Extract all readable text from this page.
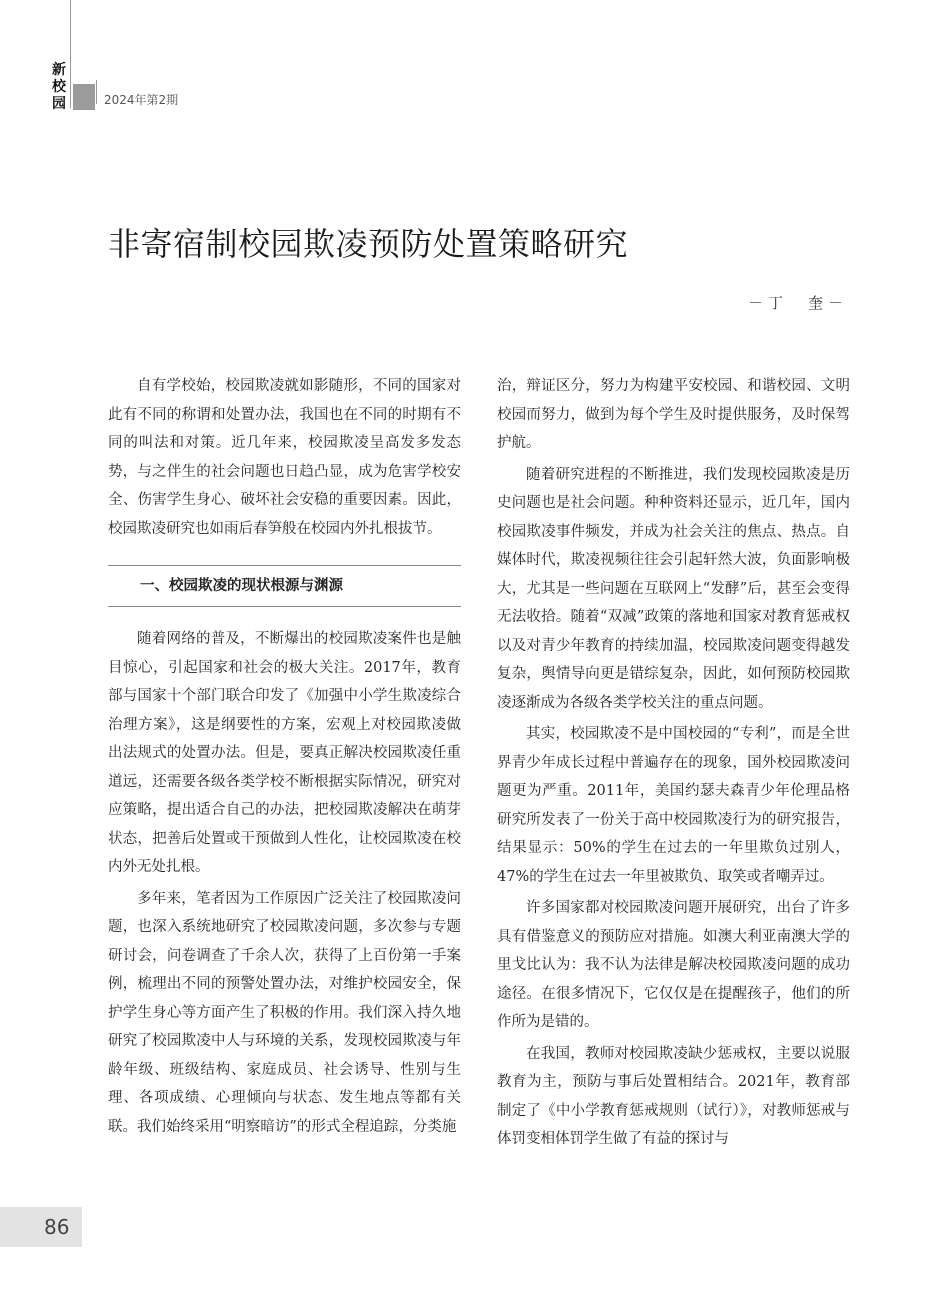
新
校
园	2024年第2期
非寄宿制校园欺凌预防处置策略研究
－丁　奎－

自有学校始，校园欺凌就如影随形，不同的国家对此有不同的称谓和处置办法，我国也在不同的时期有不同的叫法和对策。近几年来，校园欺凌呈高发多发态势，与之伴生的社会问题也日趋凸显，成为危害学校安全、伤害学生身心、破坏社会安稳的重要因素。因此，校园欺凌研究也如雨后春笋般在校园内外扎根拔节。

一、校园欺凌的现状根源与渊源

随着网络的普及，不断爆出的校园欺凌案件也是触目惊心，引起国家和社会的极大关注。2017年，教育部与国家十个部门联合印发了《加强中小学生欺凌综合治理方案》，这是纲要性的方案，宏观上对校园欺凌做出法规式的处置办法。但是，要真正解决校园欺凌任重道远，还需要各级各类学校不断根据实际情况，研究对应策略，提出适合自己的办法，把校园欺凌解决在萌芽状态，把善后处置或干预做到人性化，让校园欺凌在校内外无处扎根。

多年来，笔者因为工作原因广泛关注了校园欺凌问题，也深入系统地研究了校园欺凌问题，多次参与专题研讨会，问卷调查了千余人次，获得了上百份第一手案例，梳理出不同的预警处置办法，对维护校园安全，保护学生身心等方面产生了积极的作用。我们深入持久地研究了校园欺凌中人与环境的关系，发现校园欺凌与年龄年级、班级结构、家庭成员、社会诱导、性别与生理、各项成绩、心理倾向与状态、发生地点等都有关联。我们始终采用“明察暗访”的形式全程追踪，分类施

治，辩证区分，努力为构建平安校园、和谐校园、文明校园而努力，做到为每个学生及时提供服务，及时保驾护航。

随着研究进程的不断推进，我们发现校园欺凌是历史问题也是社会问题。种种资料还显示，近几年，国内校园欺凌事件频发，并成为社会关注的焦点、热点。自媒体时代，欺凌视频往往会引起轩然大波，负面影响极大，尤其是一些问题在互联网上“发酵”后，甚至会变得无法收拾。随着“双减”政策的落地和国家对教育惩戒权以及对青少年教育的持续加温，校园欺凌问题变得越发复杂，舆情导向更是错综复杂，因此，如何预防校园欺凌逐渐成为各级各类学校关注的重点问题。

其实，校园欺凌不是中国校园的“专利”，而是全世界青少年成长过程中普遍存在的现象，国外校园欺凌问题更为严重。2011年，美国约瑟夫森青少年伦理品格研究所发表了一份关于高中校园欺凌行为的研究报告，结果显示：50%的学生在过去的一年里欺负过别人，47%的学生在过去一年里被欺负、取笑或者嘲弄过。

许多国家都对校园欺凌问题开展研究，出台了许多具有借鉴意义的预防应对措施。如澳大利亚南澳大学的里戈比认为：我不认为法律是解决校园欺凌问题的成功途径。在很多情况下，它仅仅是在提醒孩子，他们的所作所为是错的。

在我国，教师对校园欺凌缺少惩戒权，主要以说服教育为主，预防与事后处置相结合。2021年，教育部制定了《中小学教育惩戒规则（试行）》，对教师惩戒与体罚变相体罚学生做了有益的探讨与

86
